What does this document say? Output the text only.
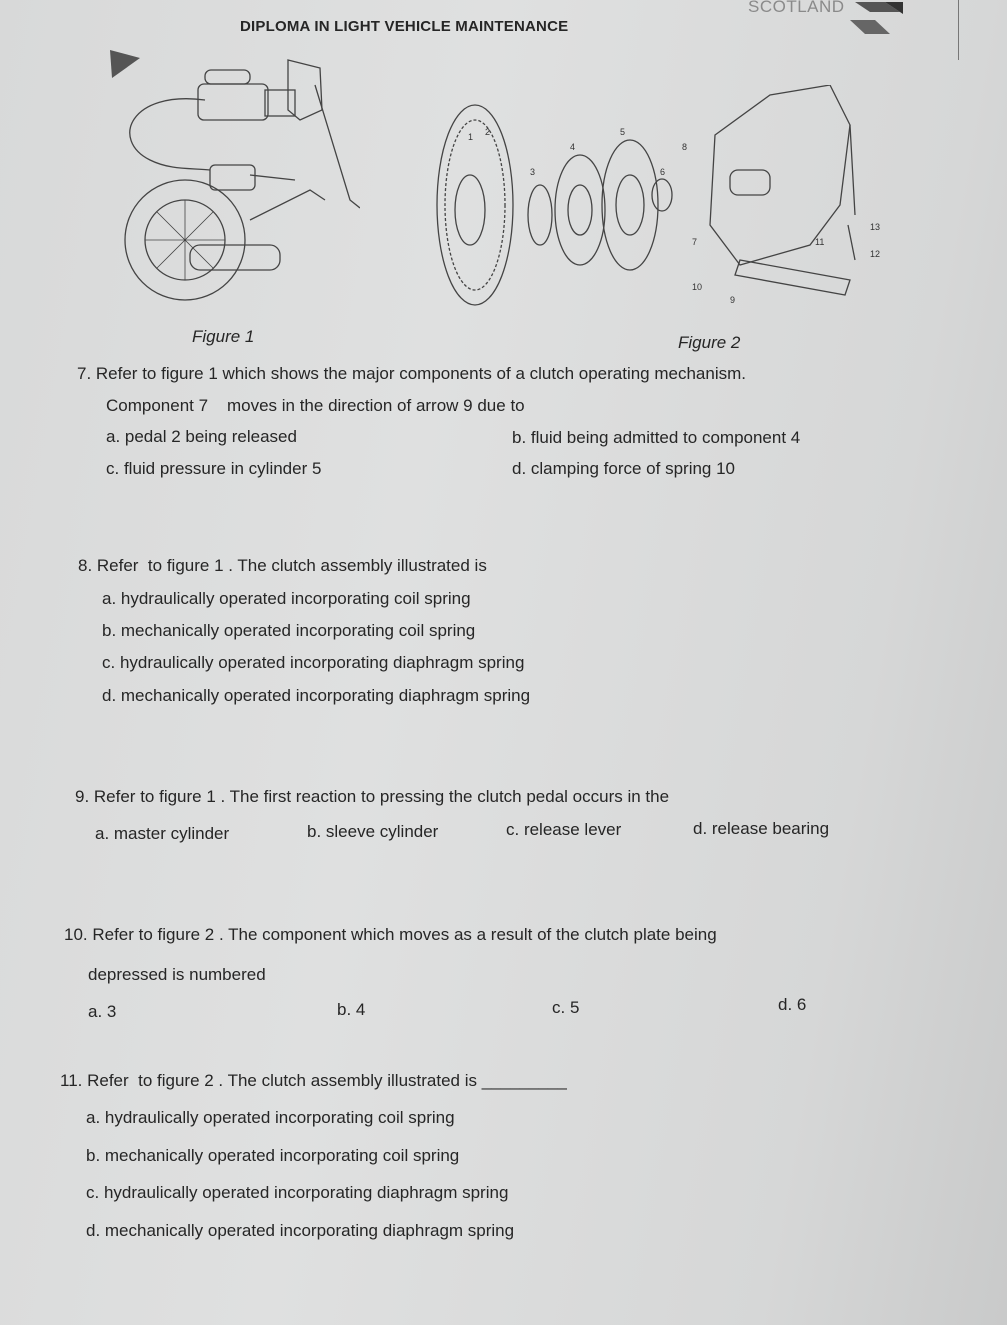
DIPLOMA IN LIGHT VEHICLE MAINTENANCE
SCOTLAND
Figure 1
1 2
3
4
5
6
8
7
13
11
12
10
9
Figure 2
7. Refer to figure 1 which shows the major components of a clutch operating mechanism.
Component 7    moves in the direction of arrow 9 due to
a. pedal 2 being released	b. fluid being admitted to component 4
c. fluid pressure in cylinder 5	d. clamping force of spring 10
8. Refer  to figure 1 . The clutch assembly illustrated is
a. hydraulically operated incorporating coil spring
b. mechanically operated incorporating coil spring
c. hydraulically operated incorporating diaphragm spring
d. mechanically operated incorporating diaphragm spring
9. Refer to figure 1 . The first reaction to pressing the clutch pedal occurs in the
a. master cylinder	b. sleeve cylinder	c. release lever	d. release bearing
10. Refer to figure 2 . The component which moves as a result of the clutch plate being
depressed is numbered
a. 3	b. 4	c. 5	d. 6
11. Refer  to figure 2 . The clutch assembly illustrated is _________
a. hydraulically operated incorporating coil spring
b. mechanically operated incorporating coil spring
c. hydraulically operated incorporating diaphragm spring
d. mechanically operated incorporating diaphragm spring
